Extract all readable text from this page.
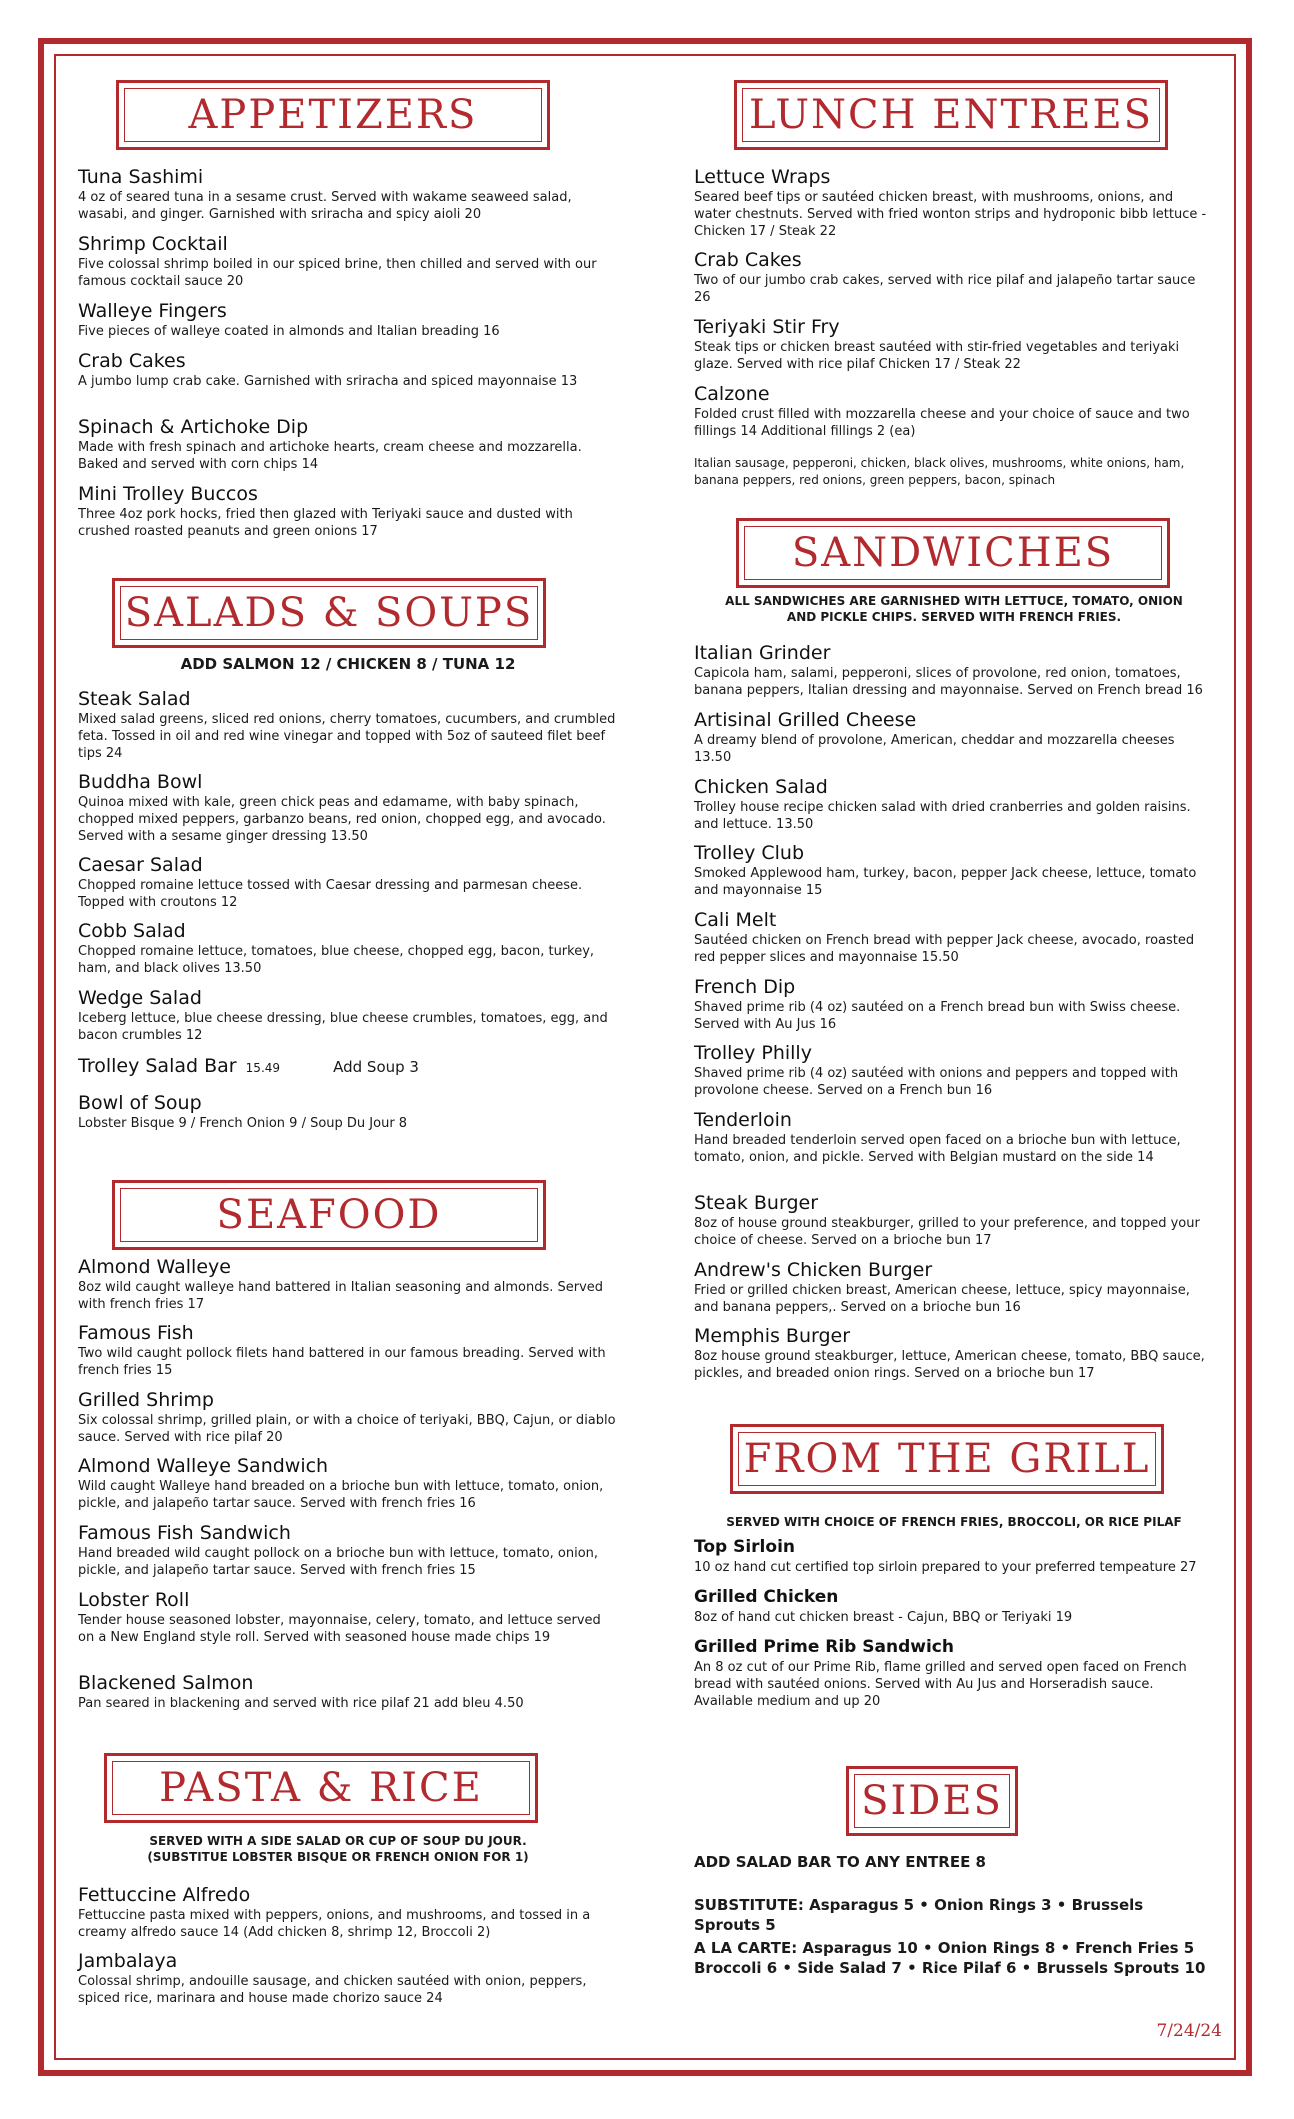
APPETIZERS
Tuna Sashimi
4 oz of seared tuna in a sesame crust. Served with wakame seaweed salad, wasabi, and ginger. Garnished with sriracha and spicy aioli 20
Shrimp Cocktail
Five colossal shrimp boiled in our spiced brine, then chilled and served with our famous cocktail sauce 20
Walleye Fingers
Five pieces of walleye coated in almonds and Italian breading 16
Crab Cakes
A jumbo lump crab cake. Garnished with sriracha and spiced mayonnaise 13
Spinach & Artichoke Dip
Made with fresh spinach and artichoke hearts, cream cheese and mozzarella. Baked and served with corn chips 14
Mini Trolley Buccos
Three 4oz pork hocks, fried then glazed with Teriyaki sauce and dusted with crushed roasted peanuts and green onions 17
SALADS & SOUPS
ADD SALMON 12 / CHICKEN 8 / TUNA 12
Steak Salad
Mixed salad greens, sliced red onions, cherry tomatoes, cucumbers, and crumbled feta. Tossed in oil and red wine vinegar and topped with 5oz of sauteed filet beef tips 24
Buddha Bowl
Quinoa mixed with kale, green chick peas and edamame, with baby spinach, chopped mixed peppers, garbanzo beans, red onion, chopped egg, and avocado. Served with a sesame ginger dressing 13.50
Caesar Salad
Chopped romaine lettuce tossed with Caesar dressing and parmesan cheese. Topped with croutons 12
Cobb Salad
Chopped romaine lettuce, tomatoes, blue cheese, chopped egg, bacon, turkey, ham, and black olives 13.50
Wedge Salad
Iceberg lettuce, blue cheese dressing, blue cheese crumbles, tomatoes, egg, and bacon crumbles 12
Trolley Salad Bar 15.49	Add Soup 3
Bowl of Soup
Lobster Bisque 9 / French Onion 9 / Soup Du Jour 8
SEAFOOD
Almond Walleye
8oz wild caught walleye hand battered in Italian seasoning and almonds. Served with french fries 17
Famous Fish
Two wild caught pollock filets hand battered in our famous breading. Served with french fries 15
Grilled Shrimp
Six colossal shrimp, grilled plain, or with a choice of teriyaki, BBQ, Cajun, or diablo sauce. Served with rice pilaf 20
Almond Walleye Sandwich
Wild caught Walleye hand breaded on a brioche bun with lettuce, tomato, onion, pickle, and jalapeño tartar sauce. Served with french fries 16
Famous Fish Sandwich
Hand breaded wild caught pollock on a brioche bun with lettuce, tomato, onion, pickle, and jalapeño tartar sauce. Served with french fries 15
Lobster Roll
Tender house seasoned lobster, mayonnaise, celery, tomato, and lettuce served on a New England style roll. Served with seasoned house made chips 19
Blackened Salmon
Pan seared in blackening and served with rice pilaf 21 add bleu 4.50
PASTA & RICE
SERVED WITH A SIDE SALAD OR CUP OF SOUP DU JOUR. (SUBSTITUE LOBSTER BISQUE OR FRENCH ONION FOR 1)
Fettuccine Alfredo
Fettuccine pasta mixed with peppers, onions, and mushrooms, and tossed in a creamy alfredo sauce 14 (Add chicken 8, shrimp 12, Broccoli 2)
Jambalaya
Colossal shrimp, andouille sausage, and chicken sautéed with onion, peppers, spiced rice, marinara and house made chorizo sauce 24
LUNCH ENTREES
Lettuce Wraps
Seared beef tips or sautéed chicken breast, with mushrooms, onions, and water chestnuts. Served with fried wonton strips and hydroponic bibb lettuce - Chicken 17 / Steak 22
Crab Cakes
Two of our jumbo crab cakes, served with rice pilaf and jalapeño tartar sauce 26
Teriyaki Stir Fry
Steak tips or chicken breast sautéed with stir-fried vegetables and teriyaki glaze. Served with rice pilaf Chicken 17 / Steak 22
Calzone
Folded crust filled with mozzarella cheese and your choice of sauce and two fillings 14 Additional fillings 2 (ea)
Italian sausage, pepperoni, chicken, black olives, mushrooms, white onions, ham, banana peppers, red onions, green peppers, bacon, spinach
SANDWICHES
ALL SANDWICHES ARE GARNISHED WITH LETTUCE, TOMATO, ONION AND PICKLE CHIPS. SERVED WITH FRENCH FRIES.
Italian Grinder
Capicola ham, salami, pepperoni, slices of provolone, red onion, tomatoes, banana peppers, Italian dressing and mayonnaise. Served on French bread 16
Artisinal Grilled Cheese
A dreamy blend of provolone, American, cheddar and mozzarella cheeses 13.50
Chicken Salad
Trolley house recipe chicken salad with dried cranberries and golden raisins. and lettuce. 13.50
Trolley Club
Smoked Applewood ham, turkey, bacon, pepper Jack cheese, lettuce, tomato and mayonnaise 15
Cali Melt
Sautéed chicken on French bread with pepper Jack cheese, avocado, roasted red pepper slices and mayonnaise 15.50
French Dip
Shaved prime rib (4 oz) sautéed on a French bread bun with Swiss cheese. Served with Au Jus 16
Trolley Philly
Shaved prime rib (4 oz) sautéed with onions and peppers and topped with provolone cheese. Served on a French bun 16
Tenderloin
Hand breaded tenderloin served open faced on a brioche bun with lettuce, tomato, onion, and pickle. Served with Belgian mustard on the side 14
Steak Burger
8oz of house ground steakburger, grilled to your preference, and topped your choice of cheese. Served on a brioche bun 17
Andrew's Chicken Burger
Fried or grilled chicken breast, American cheese, lettuce, spicy mayonnaise, and banana peppers,. Served on a brioche bun 16
Memphis Burger
8oz house ground steakburger, lettuce, American cheese, tomato, BBQ sauce, pickles, and breaded onion rings. Served on a brioche bun 17
FROM THE GRILL
SERVED WITH CHOICE OF FRENCH FRIES, BROCCOLI, OR RICE PILAF
Top Sirloin
10 oz hand cut certified top sirloin prepared to your preferred tempeature 27
Grilled Chicken
8oz of hand cut chicken breast - Cajun, BBQ or Teriyaki 19
Grilled Prime Rib Sandwich
An 8 oz cut of our Prime Rib, flame grilled and served open faced on French bread with sautéed onions. Served with Au Jus and Horseradish sauce. Available medium and up 20
SIDES
ADD SALAD BAR TO ANY ENTREE 8
SUBSTITUTE: Asparagus 5 • Onion Rings 3 • Brussels Sprouts 5
A LA CARTE: Asparagus 10 • Onion Rings 8 • French Fries 5
Broccoli 6 • Side Salad 7 • Rice Pilaf 6 • Brussels Sprouts 10
7/24/24
